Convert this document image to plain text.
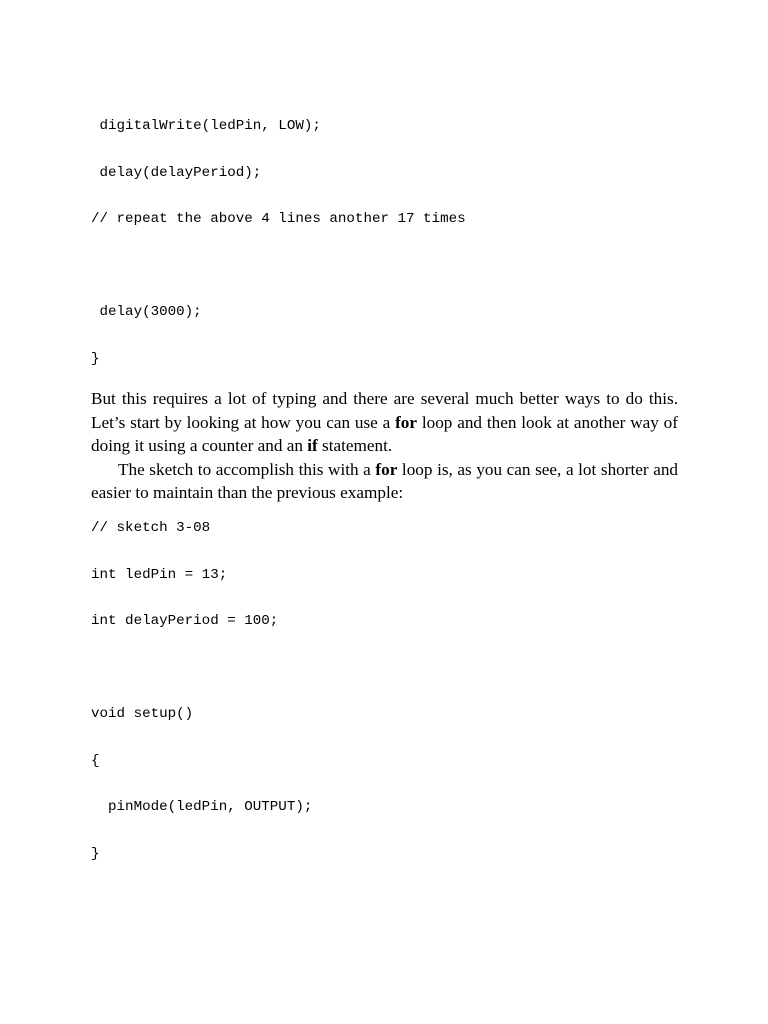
digitalWrite(ledPin, LOW);
delay(delayPeriod);
// repeat the above 4 lines another 17 times
delay(3000);
}

But this requires a lot of typing and there are several much better ways to do this. Let’s start by looking at how you can use a for loop and then look at another way of doing it using a counter and an if statement.

The sketch to accomplish this with a for loop is, as you can see, a lot shorter and easier to maintain than the previous example:

// sketch 3-08
int ledPin = 13;
int delayPeriod = 100;
void setup()
{
pinMode(ledPin, OUTPUT);
}
